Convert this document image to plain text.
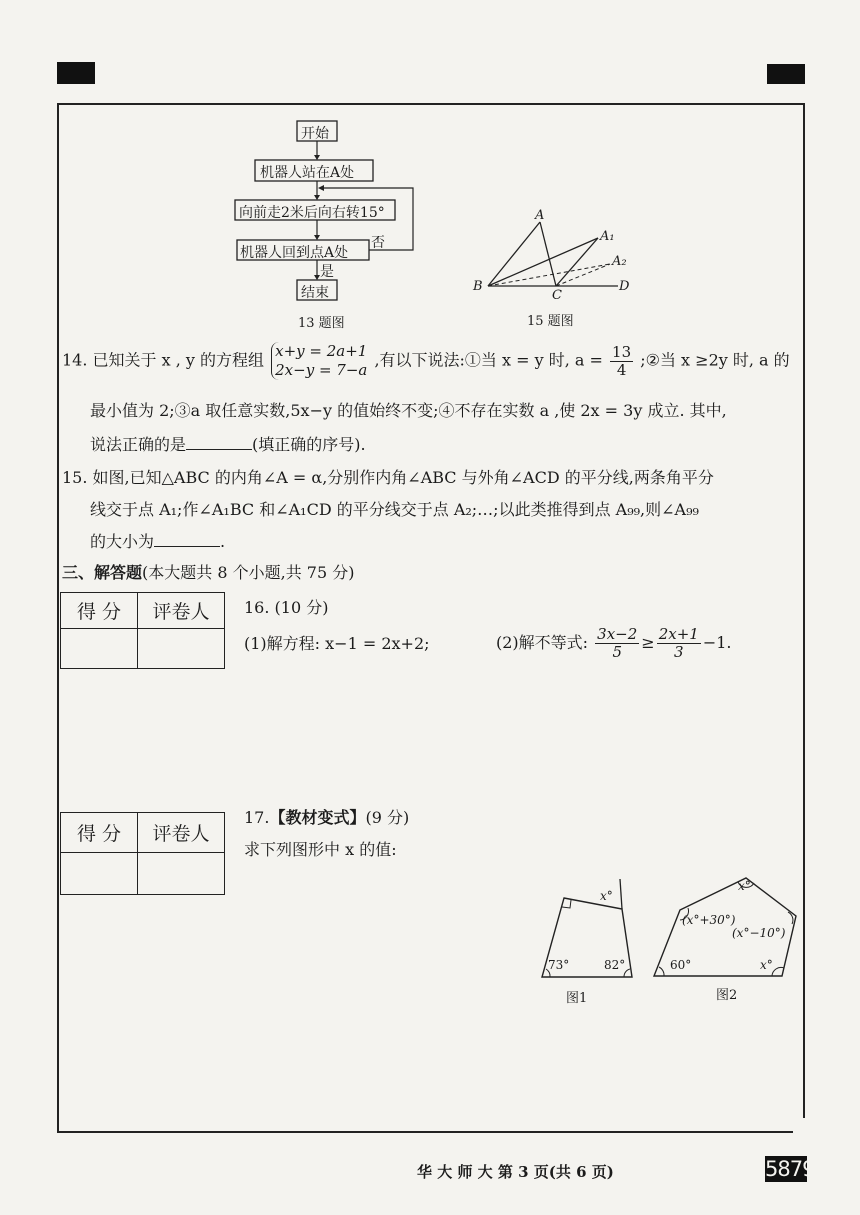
开始
机器人站在A处
向前走2米后向右转15°
机器人回到点A处
否
是
结束
13 题图
A
A₁
A₂
B
C
D
15 题图
14. 已知关于 x , y 的方程组 x+y = 2a+1
2x−y = 7−a
,有以下说法:①当 x = y 时, $a = \frac{13}{4}$ ;②当 x ≥2y 时, a 的
最小值为 2;③a 取任意实数,5x−y 的值始终不变;④不存在实数 a ,使 2x = 3y 成立. 其中,
说法正确的是	(填正确的序号).
15. 如图,已知△ABC 的内角∠A = α,分别作内角∠ABC 与外角∠ACD 的平分线,两条角平分
线交于点 A₁;作∠A₁BC 和∠A₁CD 的平分线交于点 A₂;…;以此类推得到点 A₉₉,则∠A₉₉
的大小为	.
三、解答题(本大题共 8 个小题,共 75 分)
得 分	评卷人
	16. (10 分)
(1)解方程: x−1 = 2x+2;	(2)解不等式: $\frac{3x-2}{5} \ge \frac{2x+1}{3} -1$.
得 分	评卷人

17.【教材变式】(9 分)
求下列图形中 x 的值:
x°
73°	82°
图1
x°
(x°+30°)
(x°−10°)
60°	x°
图2
华 大 师 大 第 3 页(共 6 页)	5879
